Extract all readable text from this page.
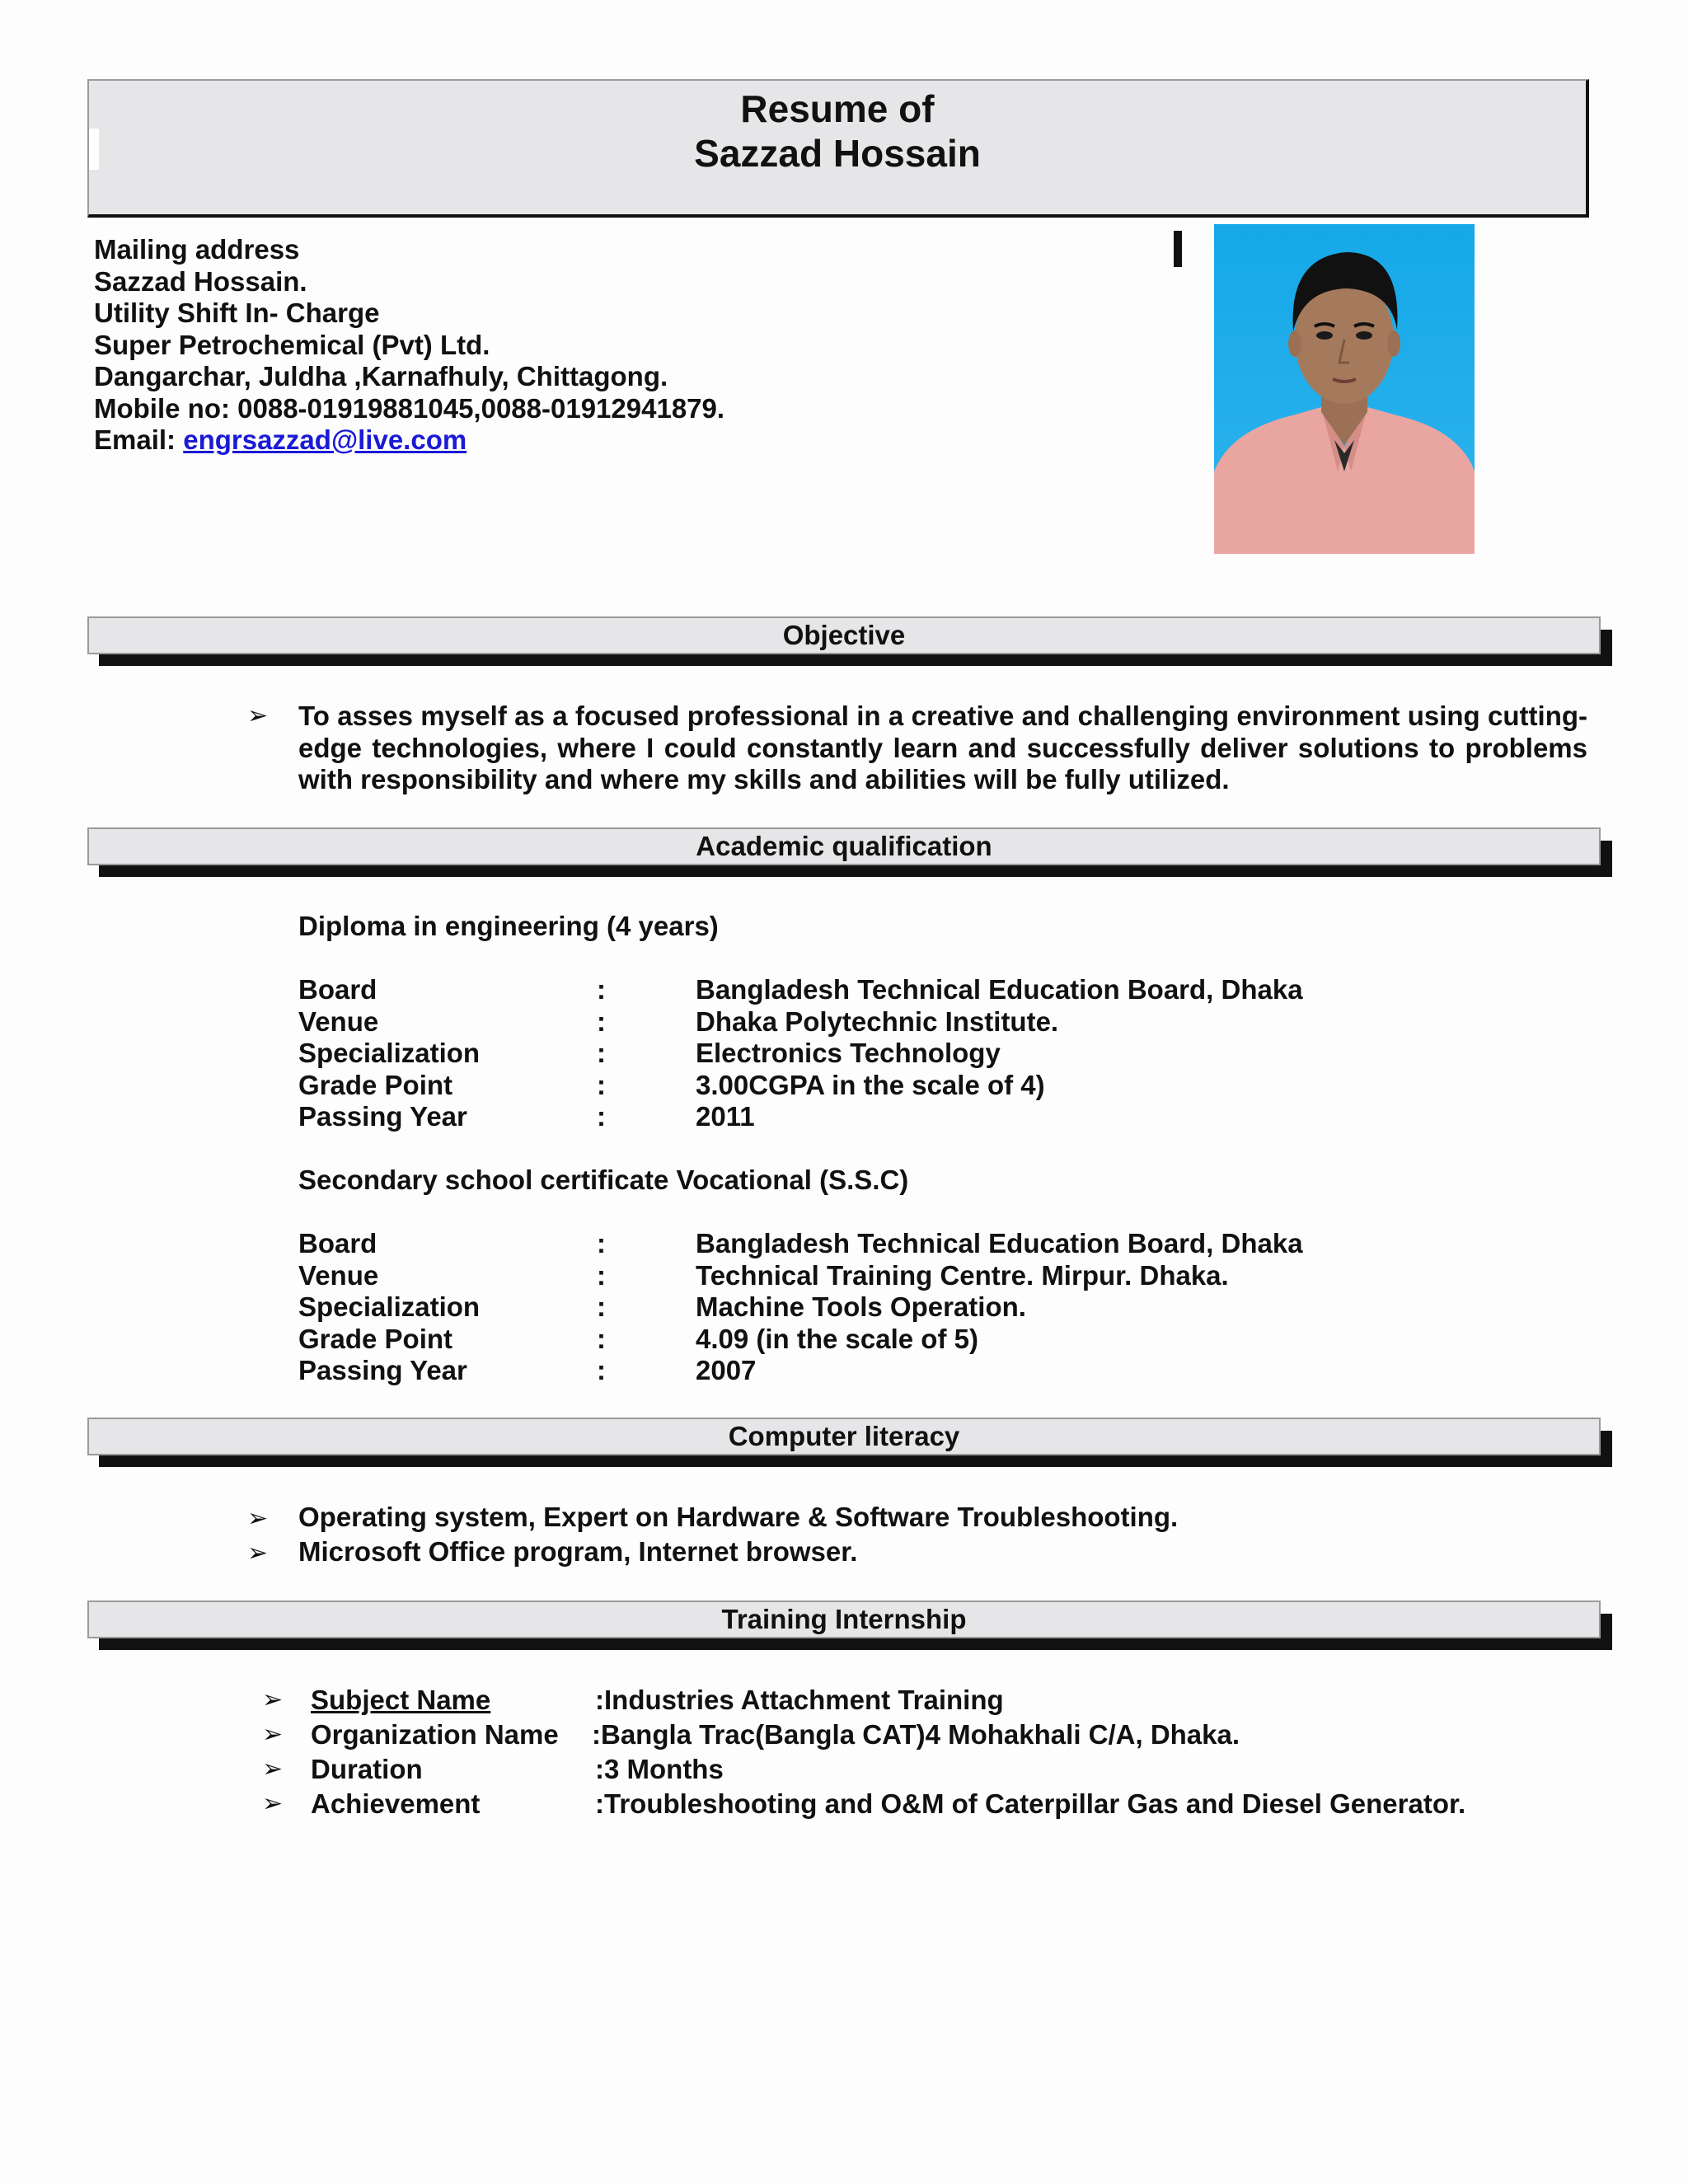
Resume of
Sazzad Hossain
Mailing address
Sazzad Hossain.
Utility Shift In- Charge
Super Petrochemical (Pvt) Ltd.
Dangarchar, Juldha ,Karnafhuly, Chittagong.
Mobile no: 0088-01919881045,0088-01912941879.
Email: engrsazzad@live.com
Objective
➢ To asses myself as a focused professional in a creative and challenging environment using cutting-edge technologies, where I could constantly learn and successfully deliver solutions to problems with responsibility and where my skills and abilities will be fully utilized.
Academic qualification
Diploma in engineering (4 years)
Board	:	Bangladesh Technical Education Board, Dhaka
Venue	:	Dhaka Polytechnic Institute.
Specialization	:	Electronics Technology
Grade Point	:	3.00CGPA in the scale of 4)
Passing Year	:	2011
Secondary school certificate Vocational (S.S.C)
Board	:	Bangladesh Technical Education Board, Dhaka
Venue	:	Technical Training Centre. Mirpur. Dhaka.
Specialization	:	Machine Tools Operation.
Grade Point	:	4.09 (in the scale of 5)
Passing Year	:	2007
Computer literacy
➢ Operating system, Expert on Hardware & Software Troubleshooting.
➢ Microsoft Office program, Internet browser.
Training Internship
➢ Subject Name	:Industries Attachment Training
➢ Organization Name :Bangla Trac(Bangla CAT)4 Mohakhali C/A, Dhaka.
➢ Duration	:3 Months
➢ Achievement	:Troubleshooting and O&M of Caterpillar Gas and Diesel Generator.
